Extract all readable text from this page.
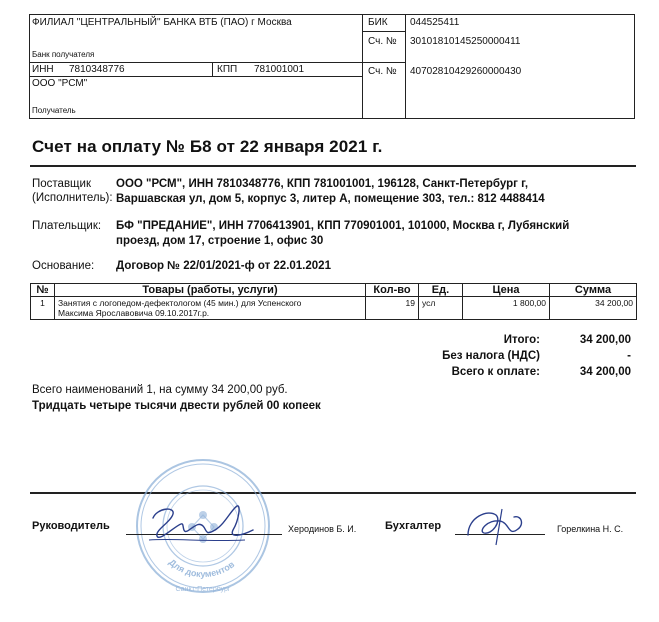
ФИЛИАЛ "ЦЕНТРАЛЬНЫЙ" БАНКА ВТБ (ПАО) г Москва
Банк получателя
БИК 044525411
Сч. № 30101810145250000411
ИНН 7810348776	КПП 781001001	Сч. № 40702810429260000430
ООО "РСМ"
Получатель
Счет на оплату № Б8 от 22 января 2021 г.
Поставщик
(Исполнитель):
ООО "РСМ", ИНН 7810348776, КПП 781001001, 196128, Санкт-Петербург г,
Варшавская ул, дом 5, корпус 3, литер А, помещение 303, тел.: 812 4488414
Плательщик: БФ "ПРЕДАНИЕ", ИНН 7706413901, КПП 770901001, 101000, Москва г, Лубянский
проезд, дом 17, строение 1, офис 30
Основание: Договор № 22/01/2021-ф от 22.01.2021
№	Товары (работы, услуги)	Кол-во	Ед.	Цена	Сумма
1	Занятия с логопедом-дефектологом (45 мин.) для Успенского
Максима Ярославовича 09.10.2017г.р.	19	усл	1 800,00	34 200,00
Итого:	34 200,00
Без налога (НДС)	-
Всего к оплате:	34 200,00
Всего наименований 1, на сумму 34 200,00 руб.
Тридцать четыре тысячи двести рублей 00 копеек
Для документов
Санкт-Петербург
Руководитель	Херодинов Б. И.	Бухгалтер	Горелкина Н. С.
